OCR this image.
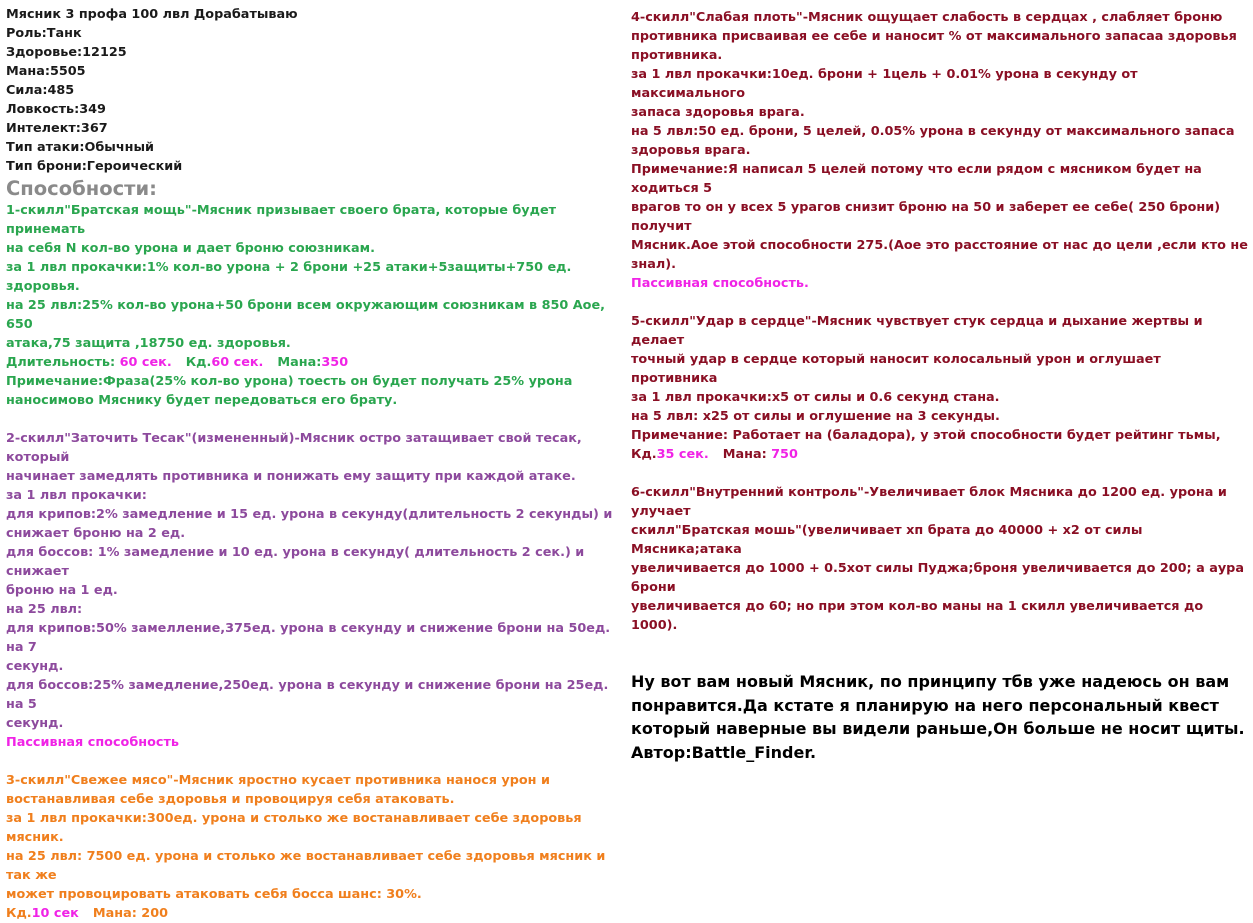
Мясник 3 профа 100 лвл Дорабатываю

Роль:Танк

Здоровье:12125

Мана:5505

Сила:485

Ловкость:349

Интелект:367

Тип атаки:Обычный

Тип брони:Героический

Способности:

1-скилл"Братская мощь"-Мясник призывает своего брата, которые будет принемать

на себя N кол-во урона и дает броню союзникам.

за 1 лвл прокачки:1% кол-во урона + 2 брони +25 атаки+5защиты+750 ед. здоровья.

на 25 лвл:25% кол-во урона+50 брони всем окружающим союзникам в 850 Аое, 650

атака,75 защита ,18750 ед. здоровья.

Длительность: 60 сек. Кд.60 сек. Мана:350

Примечание:Фраза(25% кол-во урона) тоесть он будет получать 25% урона

наносимово Мяснику будет передоваться его брату.

2-скилл"Заточить Тесак"(измененный)-Мясник остро затащивает свой тесак, который

начинает замедлять противника и понижать ему защиту при каждой атаке.

за 1 лвл прокачки:

для крипов:2% замедление и 15 ед. урона в секунду(длительность 2 секунды) и

снижает броню на 2 ед.

для боссов: 1% замедление и 10 ед. урона в секунду( длительность 2 сек.) и снижает

броню на 1 ед.

на 25 лвл:

для крипов:50% замелление,375ед. урона в секунду и снижение брони на 50ед. на 7

секунд.

для боссов:25% замедление,250ед. урона в секунду и снижение брони на 25ед. на 5

секунд.

Пассивная способность

3-скилл"Свежее мясо"-Мясник яростно кусает противника нанося урон и

востанавливая себе здоровья и провоцируя себя атаковать.

за 1 лвл прокачки:300ед. урона и столько же востанавливает себе здоровья мясник.

на 25 лвл: 7500 ед. урона и столько же востанавливает себе здоровья мясник и так же

может провоцировать атаковать себя босса шанс: 30%.

Кд.10 сек Мана: 200

4-скилл"Слабая плоть"-Мясник ощущает слабость в сердцах , слабляет броню

противника присваивая ее себе и наносит % от максимального запасаа здоровья

противника.

за 1 лвл прокачки:10ед. брони + 1цель + 0.01% урона в секунду от максимального

запаса здоровья врага.

на 5 лвл:50 ед. брони, 5 целей, 0.05% урона в секунду от максимального запаса

здоровья врага.

Примечание:Я написал 5 целей потому что если рядом с мясником будет на ходиться 5

врагов то он у всех 5 урагов снизит броню на 50 и заберет ее себе( 250 брони) получит

Мясник.Аое этой способности 275.(Аое это расстояние от нас до цели ,если кто не

знал).

Пассивная способность.

5-скилл"Удар в сердце"-Мясник чувствует стук сердца и дыхание жертвы и делает

точный удар в сердце который наносит колосальный урон и оглушает противника

за 1 лвл прокачки:х5 от силы и 0.6 секунд стана.

на 5 лвл: х25 от силы и оглушение на 3 секунды.

Примечание: Работает на (баладора), у этой способности будет рейтинг тьмы,

Кд.35 сек. Мана: 750

6-скилл"Внутренний контроль"-Увеличивает блок Мясника до 1200 ед. урона и улучает

скилл"Братская мошь"(увеличивает хп брата до 40000 + х2 от силы Мясника;атака

увеличивается до 1000 + 0.5хот силы Пуджа;броня увеличивается до 200; а аура брони

увеличивается до 60; но при этом кол-во маны на 1 скилл увеличивается до 1000).

Ну вот вам новый Мясник, по принципу тбв уже надеюсь он вам

понравится.Да кстате я планирую на него персональный квест

который наверные вы видели раньше,Он больше не носит щиты.

Автор:Battle_Finder.
